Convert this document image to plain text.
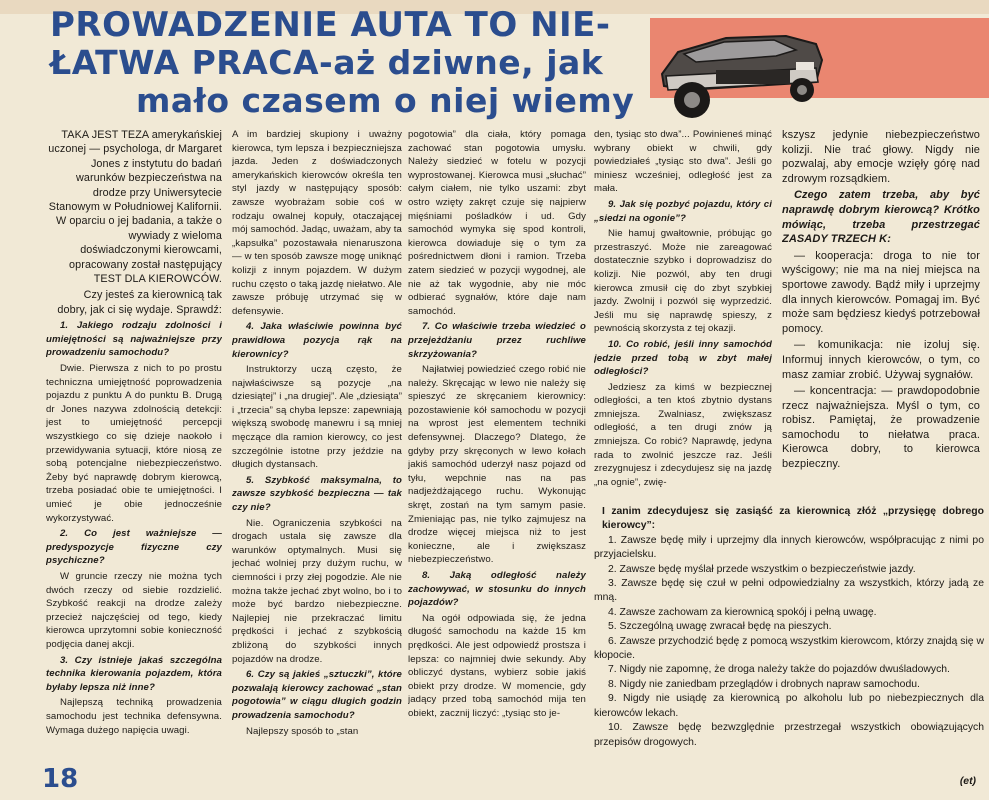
PROWADZENIE AUTA TO NIE-
ŁATWA PRACA-aż dziwne, jak
mało czasem o niej wiemy

TAKA JEST TEZA amerykańskiej uczonej — psychologa, dr Margaret Jones z instytutu do badań warunków bezpieczeństwa na drodze przy Uniwersytecie Stanowym w Południowej Kalifornii. W oparciu o jej badania, a także o wywiady z wieloma doświadczonymi kierowcami, opracowany został następujący TEST DLA KIEROWCÓW.

Czy jesteś za kierownicą tak dobry, jak ci się wydaje. Sprawdź:

1. Jakiego rodzaju zdolności i umiejętności są najważniejsze przy prowadzeniu samochodu?

Dwie. Pierwsza z nich to po prostu techniczna umiejętność poprowadzenia pojazdu z punktu A do punktu B. Drugą dr Jones nazywa zdolnością detekcji: jest to umiejętność percepcji wszystkiego co się dzieje naokoło i przewidywania sytuacji, które niosą ze sobą potencjalne niebezpieczeństwo. Żeby być naprawdę dobrym kierowcą, trzeba posiadać obie te umiejętności. I umieć je obie jednocześnie wykorzystywać.

2. Co jest ważniejsze — predyspozycje fizyczne czy psychiczne?

W gruncie rzeczy nie można tych dwóch rzeczy od siebie rozdzielić. Szybkość reakcji na drodze zależy przecież najczęściej od tego, kiedy kierowca uprzytomni sobie konieczność podjęcia danej akcji.

3. Czy istnieje jakaś szczególna technika kierowania pojazdem, która byłaby lepsza niż inne?

Najlepszą techniką prowadzenia samochodu jest technika defensywna. Wymaga dużego napięcia uwagi.

A im bardziej skupiony i uważny kierowca, tym lepsza i bezpieczniejsza jazda. Jeden z doświadczonych amerykańskich kierowców określa ten styl jazdy w następujący sposób: zawsze wyobrażam sobie coś w rodzaju owalnej kopuły, otaczającej mój samochód. Jadąc, uważam, aby ta „kapsułka” pozostawała nienaruszona — w ten sposób zawsze mogę uniknąć kolizji z innym pojazdem. W dużym ruchu często o taką jazdę niełatwo. Ale zawsze próbuję utrzymać się w defensywie.

4. Jaka właściwie powinna być prawidłowa pozycja rąk na kierownicy?

Instruktorzy uczą często, że najwłaściwsze są pozycje „na dziesiątej” i „na drugiej”. Ale „dziesiąta” i „trzecia” są chyba lepsze: zapewniają większą swobodę manewru i są mniej męczące dla ramion kierowcy, co jest szczególnie istotne przy jeździe na długich dystansach.

5. Szybkość maksymalna, to zawsze szybkość bezpieczna — tak czy nie?

Nie. Ograniczenia szybkości na drogach ustala się zawsze dla warunków optymalnych. Musi się jechać wolniej przy dużym ruchu, w ciemności i przy złej pogodzie. Ale nie można także jechać zbyt wolno, bo i to może być bardzo niebezpieczne. Najlepiej nie przekraczać limitu prędkości i jechać z szybkością zbliżoną do szybkości innych pojazdów na drodze.

6. Czy są jakieś „sztuczki”, które pozwalają kierowcy zachować „stan pogotowia” w ciągu długich godzin prowadzenia samochodu?

Najlepszy sposób to „stan

pogotowia” dla ciała, który pomaga zachować stan pogotowia umysłu. Należy siedzieć w fotelu w pozycji wyprostowanej. Kierowca musi „słuchać” całym ciałem, nie tylko uszami: zbyt ostro wzięty zakręt czuje się najpierw mięśniami pośladków i ud. Gdy samochód wymyka się spod kontroli, kierowca dowiaduje się o tym za pośrednictwem dłoni i ramion. Trzeba zatem siedzieć w pozycji wygodnej, ale nie aż tak wygodnie, aby nie móc odbierać sygnałów, które daje nam samochód.

7. Co właściwie trzeba wiedzieć o przejeżdżaniu przez ruchliwe skrzyżowania?

Najłatwiej powiedzieć czego robić nie należy. Skręcając w lewo nie należy się spieszyć ze skręcaniem kierownicy: pozostawienie kół samochodu w pozycji na wprost jest elementem techniki defensywnej. Dlaczego? Dlatego, że gdyby przy skręconych w lewo kołach jakiś samochód uderzył nasz pojazd od tyłu, wepchnie nas na pas nadjeżdżającego ruchu. Wykonując skręt, zostań na tym samym pasie. Zmieniając pas, nie tylko zajmujesz na drodze więcej miejsca niż to jest konieczne, ale i zwiększasz niebezpieczeństwo.

8. Jaką odległość należy zachowywać, w stosunku do innych pojazdów?

Na ogół odpowiada się, że jedna długość samochodu na każde 15 km prędkości. Ale jest odpowiedź prostsza i lepsza: co najmniej dwie sekundy. Aby obliczyć dystans, wybierz sobie jakiś obiekt przy drodze. W momencie, gdy jadący przed tobą samochód mija ten obiekt, zacznij liczyć: „tysiąc sto je-

den, tysiąc sto dwa”... Powinieneś minąć wybrany obiekt w chwili, gdy powiedziałeś „tysiąc sto dwa”. Jeśli go miniesz wcześniej, odległość jest za mała.

9. Jak się pozbyć pojazdu, który ci „siedzi na ogonie”?

Nie hamuj gwałtownie, próbując go przestraszyć. Może nie zareagować dostatecznie szybko i doprowadzisz do kolizji. Nie pozwól, aby ten drugi kierowca zmusił cię do zbyt szybkiej jazdy. Zwolnij i pozwól się wyprzedzić. Jeśli mu się naprawdę spieszy, z pewnością skorzysta z tej okazji.

10. Co robić, jeśli inny samochód jedzie przed tobą w zbyt małej odległości?

Jedziesz za kimś w bezpiecznej odległości, a ten ktoś zbytnio dystans zmniejsza. Zwalniasz, zwiększasz odległość, a ten drugi znów ją zmniejsza. Co robić? Naprawdę, jedyna rada to zwolnić jeszcze raz. Jeśli zrezygnujesz i zdecydujesz się na jazdę „na ognie”, zwię-

kszysz jedynie niebezpieczeństwo kolizji. Nie trać głowy. Nigdy nie pozwalaj, aby emocje wzięły górę nad zdrowym rozsądkiem.

Czego zatem trzeba, aby być naprawdę dobrym kierowcą? Krótko mówiąc, trzeba przestrzegać ZASADY TRZECH K:

— kooperacja: droga to nie tor wyścigowy; nie ma na niej miejsca na sportowe zawody. Bądź miły i uprzejmy dla innych kierowców. Pomagaj im. Być może sam będziesz kiedyś potrzebował pomocy.

— komunikacja: nie izoluj się. Informuj innych kierowców, o tym, co masz zamiar zrobić. Używaj sygnałów.

— koncentracja: — prawdopodobnie rzecz najważniejsza. Myśl o tym, co robisz. Pamiętaj, że prowadzenie samochodu to niełatwa praca. Kierowca dobry, to kierowca bezpieczny.

I zanim zdecydujesz się zasiąść za kierownicą złóż „przysięgę dobrego kierowcy”:

1. Zawsze będę miły i uprzejmy dla innych kierowców, współpracując z nimi po przyjacielsku.

2. Zawsze będę myślał przede wszystkim o bezpieczeństwie jazdy.

3. Zawsze będę się czuł w pełni odpowiedzialny za wszystkich, którzy jadą ze mną.

4. Zawsze zachowam za kierownicą spokój i pełną uwagę.

5. Szczególną uwagę zwracał będę na pieszych.

6. Zawsze przychodzić będę z pomocą wszystkim kierowcom, którzy znajdą się w kłopocie.

7. Nigdy nie zapomnę, że droga należy także do pojazdów dwuśladowych.

8. Nigdy nie zaniedbam przeglądów i drobnych napraw samochodu.

9. Nigdy nie usiądę za kierownicą po alkoholu lub po niebezpiecznych dla kierowców lekach.

10. Zawsze będę bezwzględnie przestrzegał wszystkich obowiązujących przepisów drogowych.

(et)
18
